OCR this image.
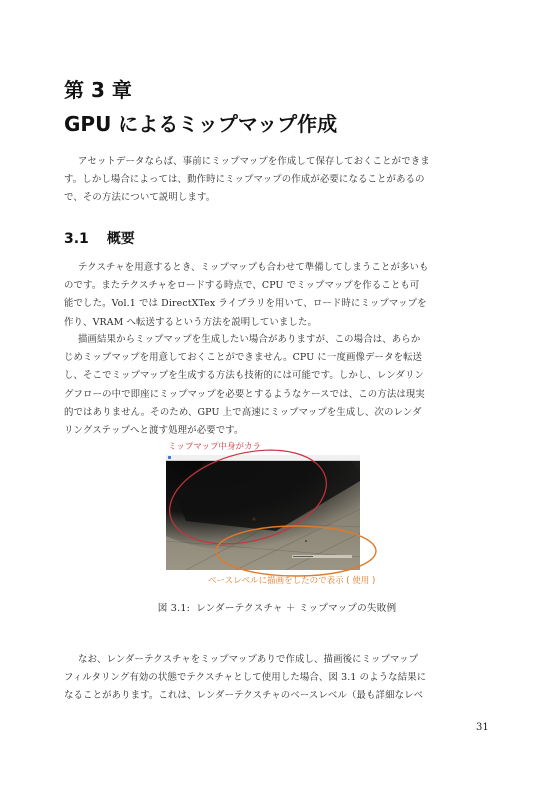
第 3 章
GPU によるミップマップ作成
アセットデータならば、事前にミップマップを作成して保存しておくことができま
す。しかし場合によっては、動作時にミップマップの作成が必要になることがあるの
で、その方法について説明します。
3.1 概要
テクスチャを用意するとき、ミップマップも合わせて準備してしまうことが多いも
のです。またテクスチャをロードする時点で、CPU でミップマップを作ることも可
能でした。Vol.1 では DirectXTex ライブラリを用いて、ロード時にミップマップを
作り、VRAM へ転送するという方法を説明していました。
描画結果からミップマップを生成したい場合がありますが、この場合は、あらか
じめミップマップを用意しておくことができません。CPU に一度画像データを転送
し、そこでミップマップを生成する方法も技術的には可能です。しかし、レンダリン
グフローの中で即座にミップマップを必要とするようなケースでは、この方法は現実
的ではありません。そのため、GPU 上で高速にミップマップを生成し、次のレンダ
リングステップへと渡す処理が必要です。
ミップマップ中身がカラ
ベースレベルに描画をしたので表示 ( 使用 )
図 3.1: レンダーテクスチャ ＋ ミップマップの失敗例
なお、レンダーテクスチャをミップマップありで作成し、描画後にミップマップ
フィルタリング有効の状態でテクスチャとして使用した場合、図 3.1 のような結果に
なることがあります。これは、レンダーテクスチャのベースレベル（最も詳細なレベ
31
